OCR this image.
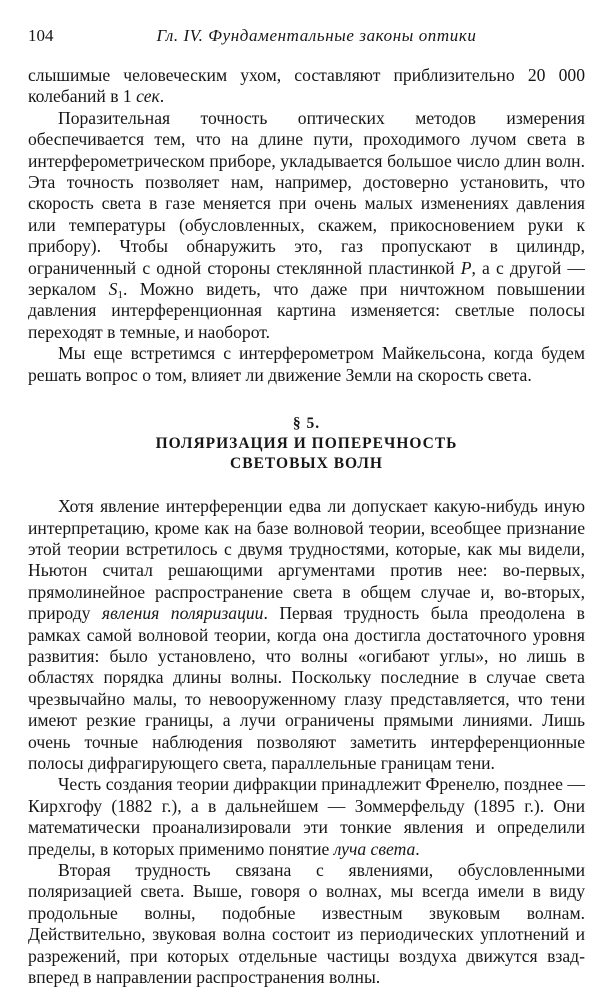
104	Гл. IV. Фундаментальные законы оптики

слышимые человеческим ухом, составляют приблизительно 20 000 колебаний в 1 сек.

Поразительная точность оптических методов измерения обеспечивается тем, что на длине пути, проходимого лучом света в интерферометрическом приборе, укладывается большое число длин волн. Эта точность позволяет нам, например, достоверно установить, что скорость света в газе меняется при очень малых изменениях давления или температуры (обусловленных, скажем, прикосновением руки к прибору). Чтобы обнаружить это, газ пропускают в цилиндр, ограниченный с одной стороны стеклянной пластинкой P, а с другой — зеркалом $S_1$. Можно видеть, что даже при ничтожном повышении давления интерференционная картина изменяется: светлые полосы переходят в темные, и наоборот.

Мы еще встретимся с интерферометром Майкельсона, когда будем решать вопрос о том, влияет ли движение Земли на скорость света.

§ 5.
ПОЛЯРИЗАЦИЯ И ПОПЕРЕЧНОСТЬ
СВЕТОВЫХ ВОЛН

Хотя явление интерференции едва ли допускает какую-нибудь иную интерпретацию, кроме как на базе волновой теории, всеобщее признание этой теории встретилось с двумя трудностями, которые, как мы видели, Ньютон считал решающими аргументами против нее: во-первых, прямолинейное распространение света в общем случае и, во-вторых, природу явления поляризации. Первая трудность была преодолена в рамках самой волновой теории, когда она достигла достаточного уровня развития: было установлено, что волны «огибают углы», но лишь в областях порядка длины волны. Поскольку последние в случае света чрезвычайно малы, то невооруженному глазу представляется, что тени имеют резкие границы, а лучи ограничены прямыми линиями. Лишь очень точные наблюдения позволяют заметить интерференционные полосы дифрагирующего света, параллельные границам тени.

Честь создания теории дифракции принадлежит Френелю, позднее — Кирхгофу (1882 г.), а в дальнейшем — Зоммерфельду (1895 г.). Они математически проанализировали эти тонкие явления и определили пределы, в которых применимо понятие луча света.

Вторая трудность связана с явлениями, обусловленными поляризацией света. Выше, говоря о волнах, мы всегда имели в виду продольные волны, подобные известным звуковым волнам. Действительно, звуковая волна состоит из периодических уплотнений и разрежений, при которых отдельные частицы воздуха движутся взад-вперед в направлении распространения волны.
